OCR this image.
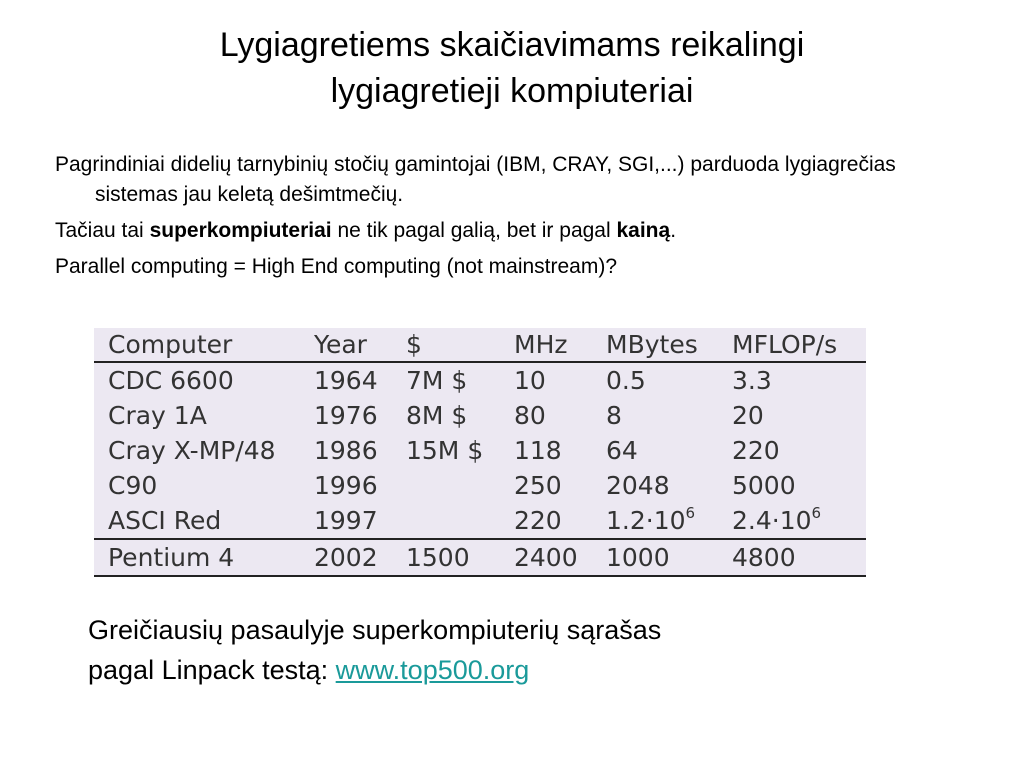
Lygiagretiems skaičiavimams reikalingi
lygiagretieji kompiuteriai
Pagrindiniai didelių tarnybinių stočių gamintojai (IBM, CRAY, SGI,...) parduoda lygiagrečias sistemas jau keletą dešimtmečių.
Tačiau tai superkompiuteriai ne tik pagal galią, bet ir pagal kainą.
Parallel computing = High End computing (not mainstream)?
Computer	Year	$	MHz	MBytes	MFLOP/s
CDC 6600	1964	7M $	10	0.5	3.3
Cray 1A	1976	8M $	80	8	20
Cray X-MP/48	1986	15M $	118	64	220
C90	1996		250	2048	5000
ASCI Red	1997		220	$1.2\cdot 10^6$	$2.4\cdot 10^6$
Pentium 4	2002	1500	2400	1000	4800
Greičiausių pasaulyje superkompiuterių sąrašas
pagal Linpack testą: www.top500.org
